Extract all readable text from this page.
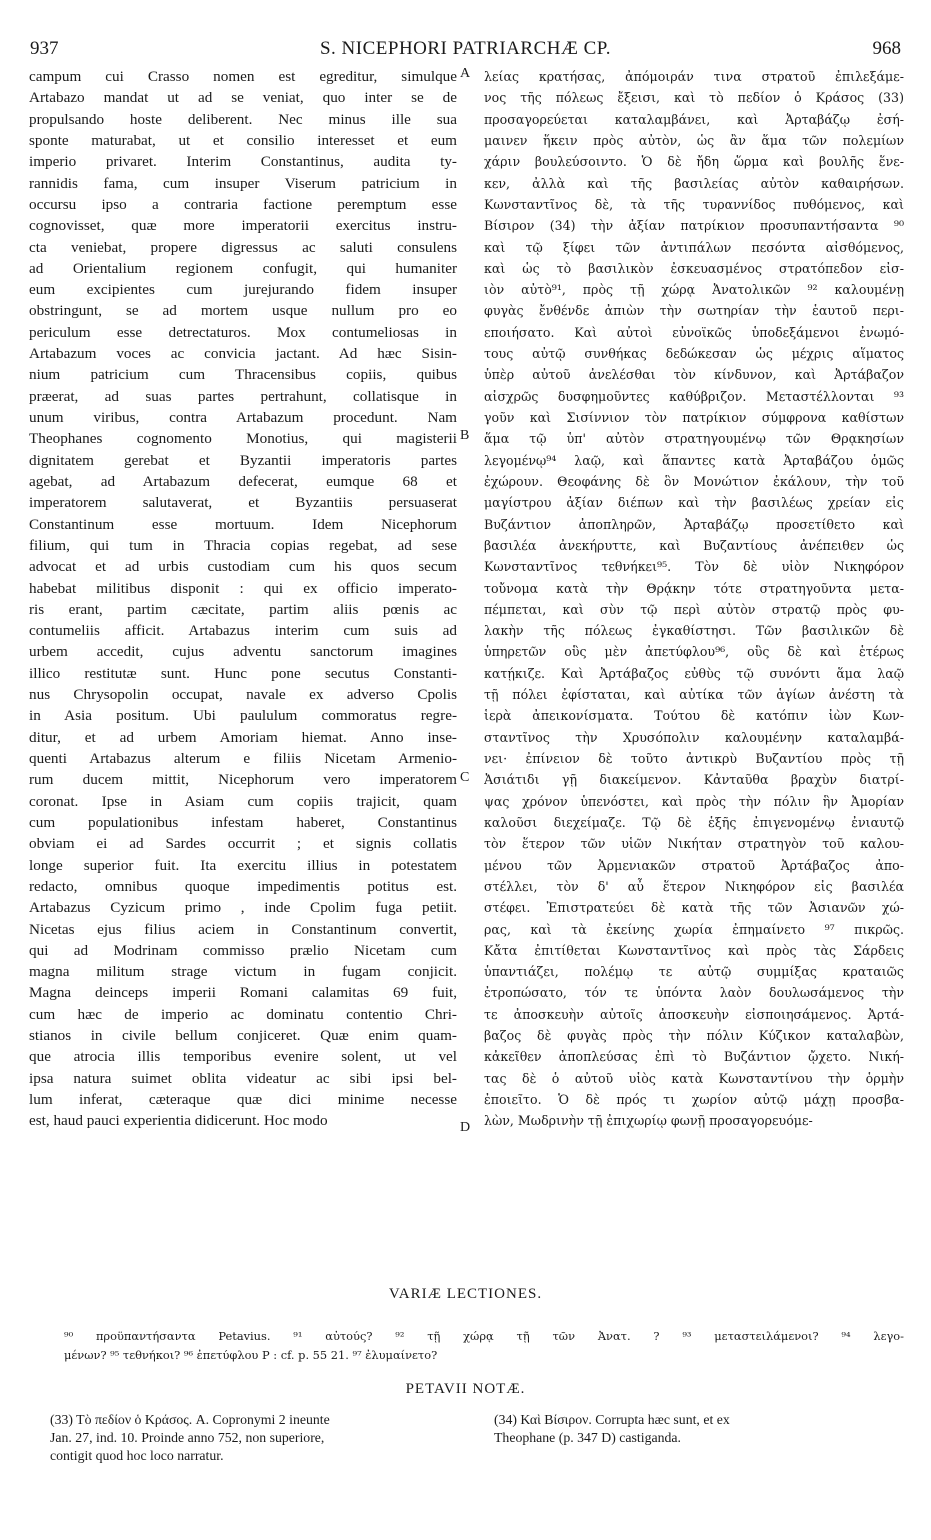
937	S. NICEPHORI PATRIARCHÆ CP.	968
campum cui Crasso nomen est egreditur, simulque
Artabazo mandat ut ad se veniat, quo inter se de
propulsando hoste deliberent. Nec minus ille sua
sponte maturabat, ut et consilio interesset et eum
imperio privaret. Interim Constantinus, audita ty-
rannidis fama, cum insuper Viserum patricium in
occursu ipso a contraria factione peremptum esse
cognovisset, quæ more imperatorii exercitus instru-
cta veniebat, propere digressus ac saluti consulens
ad Orientalium regionem confugit, qui humaniter
eum excipientes cum jurejurando fidem insuper
obstringunt, se ad mortem usque nullum pro eo
periculum esse detrectaturos. Mox contumeliosas in
Artabazum voces ac convicia jactant. Ad hæc Sisin-
nium patricium cum Thracensibus copiis, quibus
præerat, ad suas partes pertrahunt, collatisque in
unum viribus, contra Artabazum procedunt. Nam
Theophanes cognomento Monotius, qui magisterii
dignitatem gerebat et Byzantii imperatoris partes
agebat, ad Artabazum defecerat, eumque 68 et
imperatorem salutaverat, et Byzantiis persuaserat
Constantinum esse mortuum. Idem Nicephorum
filium, qui tum in Thracia copias regebat, ad sese
advocat et ad urbis custodiam cum his quos secum
habebat militibus disponit : qui ex officio imperato-
ris erant, partim cæcitate, partim aliis pœnis ac
contumeliis afficit. Artabazus interim cum suis ad
urbem accedit, cujus adventu sanctorum imagines
illico restitutæ sunt. Hunc pone secutus Constanti-
nus Chrysopolin occupat, navale ex adverso Cpolis
in Asia positum. Ubi paululum commoratus regre-
ditur, et ad urbem Amoriam hiemat. Anno inse-
quenti Artabazus alterum e filiis Nicetam Armenio-
rum ducem mittit, Nicephorum vero imperatorem
coronat. Ipse in Asiam cum copiis trajicit, quam
cum populationibus infestam haberet, Constantinus
obviam ei ad Sardes occurrit ; et signis collatis
longe superior fuit. Ita exercitu illius in potestatem
redacto, omnibus quoque impedimentis potitus est.
Artabazus Cyzicum primo , inde Cpolim fuga petiit.
Nicetas ejus filius aciem in Constantinum convertit,
qui ad Modrinam commisso prælio Nicetam cum
magna militum strage victum in fugam conjicit.
Magna deinceps imperii Romani calamitas 69 fuit,
cum hæc de imperio ac dominatu contentio Chri-
stianos in civile bellum conjiceret. Quæ enim quam-
que atrocia illis temporibus evenire solent, ut vel
ipsa natura suimet oblita videatur ac sibi ipsi bel-
lum inferat, cæteraque quæ dici minime necesse
est, haud pauci experientia didicerunt. Hoc modo
λείας κρατήσας, ἀπόμοιράν τινα στρατοῦ ἐπιλεξάμε-
νος τῆς πόλεως ἔξεισι, καὶ τὸ πεδίον ὁ Κράσος (33)
προσαγορεύεται καταλαμβάνει, καὶ Ἀρταβάζῳ ἐσή-
μαινεν ἥκειν πρὸς αὐτὸν, ὡς ἂν ἅμα τῶν πολεμίων
χάριν βουλεύσοιντο. Ὁ δὲ ἤδη ὥρμα καὶ βουλῆς ἕνε-
κεν, ἀλλὰ καὶ τῆς βασιλείας αὐτὸν καθαιρήσων.
Κωνσταντῖνος δὲ, τὰ τῆς τυραννίδος πυθόμενος, καὶ
Βίσιρον (34) τὴν ἀξίαν πατρίκιον προσυπαντήσαντα ⁹⁰
καὶ τῷ ξίφει τῶν ἀντιπάλων πεσόντα αἰσθόμενος,
καὶ ὡς τὸ βασιλικὸν ἐσκευασμένος στρατόπεδον εἰσ-
ιὸν αὐτὸ⁹¹, πρὸς τῇ χώρᾳ Ἀνατολικῶν ⁹² καλουμένῃ
φυγὰς ἔνθένδε ἀπιὼν τὴν σωτηρίαν τὴν ἑαυτοῦ περι-
εποιήσατο. Καὶ αὐτοὶ εὐνοϊκῶς ὑποδεξάμενοι ἐνωμό-
τους αὐτῷ συνθήκας δεδώκεσαν ὡς μέχρις αἵματος
ὑπὲρ αὐτοῦ ἀνελέσθαι τὸν κίνδυνον, καὶ Ἀρτάβαζον
αἰσχρῶς δυσφημοῦντες καθύβριζον. Μεταστέλλονται ⁹³
γοῦν καὶ Σισίννιον τὸν πατρίκιον σύμφρονα καθίστων
ἅμα τῷ ὑπ' αὐτὸν στρατηγουμένῳ τῶν Θρᾳκησίων
λεγομένῳ⁹⁴ λαῷ, καὶ ἅπαντες κατὰ Ἀρταβάζου ὁμῶς
ἐχώρουν. Θεοφάνης δὲ ὃν Μονώτιον ἐκάλουν, τὴν τοῦ
μαγίστρου ἀξίαν διέπων καὶ τὴν βασιλέως χρείαν εἰς
Βυζάντιον ἀποπληρῶν, Ἀρταβάζῳ προσετίθετο καὶ
βασιλέα ἀνεκήρυττε, καὶ Βυζαντίους ἀνέπειθεν ὡς
Κωνσταντῖνος τεθνήκει⁹⁵. Τὸν δὲ υἱὸν Νικηφόρον
τοὔνομα κατὰ τὴν Θρᾴκην τότε στρατηγοῦντα μετα-
πέμπεται, καὶ σὺν τῷ περὶ αὐτὸν στρατῷ πρὸς φυ-
λακὴν τῆς πόλεως ἐγκαθίστησι. Τῶν βασιλικῶν δὲ
ὑπηρετῶν οὓς μὲν ἀπετύφλου⁹⁶, οὓς δὲ καὶ ἑτέρως
κατῄκιζε. Καὶ Ἀρτάβαζος εὐθὺς τῷ συνόντι ἅμα λαῷ
τῇ πόλει ἐφίσταται, καὶ αὐτίκα τῶν ἁγίων ἀνέστη τὰ
ἱερὰ ἀπεικονίσματα. Τούτου δὲ κατόπιν ἰὼν Κων-
σταντῖνος τὴν Χρυσόπολιν καλουμένην καταλαμβά-
νει· ἐπίνειον δὲ τοῦτο ἀντικρὺ Βυζαντίου πρὸς τῇ
Ἀσιάτιδι γῇ διακείμενον. Κἀνταῦθα βραχὺν διατρί-
ψας χρόνον ὑπενόστει, καὶ πρὸς τὴν πόλιν ἣν Ἀμορίαν
καλοῦσι διεχείμαζε. Τῷ δὲ ἑξῆς ἐπιγενομένῳ ἐνιαυτῷ
τὸν ἕτερον τῶν υἱῶν Νικήταν στρατηγὸν τοῦ καλου-
μένου τῶν Ἀρμενιακῶν στρατοῦ Ἀρτάβαζος ἀπο-
στέλλει, τὸν δ' αὖ ἕτερον Νικηφόρον εἰς βασιλέα
στέφει. Ἐπιστρατεύει δὲ κατὰ τῆς τῶν Ἀσιανῶν χώ-
ρας, καὶ τὰ ἐκείνης χωρία ἐπημαίνετο ⁹⁷ πικρῶς.
Κἄτα ἐπιτίθεται Κωνσταντῖνος καὶ πρὸς τὰς Σάρδεις
ὑπαντιάζει, πολέμῳ τε αὐτῷ συμμίξας κραταιῶς
ἐτροπώσατο, τόν τε ὑπόντα λαὸν δουλωσάμενος τὴν
τε ἀποσκευὴν αὐτοῖς ἀποσκευὴν εἰσποιησάμενος. Ἀρτά-
βαζος δὲ φυγὰς πρὸς τὴν πόλιν Κύζικον καταλαβὼν,
κἀκεῖθεν ἀποπλεύσας ἐπὶ τὸ Βυζάντιον ᾤχετο. Νική-
τας δὲ ὁ αὐτοῦ υἱὸς κατὰ Κωνσταντίνου τὴν ὁρμὴν
ἐποιεῖτο. Ὁ δὲ πρός τι χωρίον αὐτῷ μάχῃ προσβα-
λὼν, Μωδρινὴν τῇ ἐπιχωρίῳ φωνῇ προσαγορευόμε-
A
B
C
D
VARIÆ LECTIONES.
⁹⁰ προϋπαντήσαντα Petavius. ⁹¹ αὐτούς? ⁹² τῇ χώρᾳ τῇ τῶν Ἀνατ. ? ⁹³ μεταστειλάμενοι? ⁹⁴ λεγο-
μένων? ⁹⁵ τεθνήκοι? ⁹⁶ ἐπετύφλου P : cf. p. 55 21. ⁹⁷ ἐλυμαίνετο?
PETAVII NOTÆ.
(33) Τὸ πεδίον ὁ Κράσος. A. Copronymi 2 ineunte
Jan. 27, ind. 10. Proinde anno 752, non superiore,
contigit quod hoc loco narratur.
(34) Καὶ Βίσιρον. Corrupta hæc sunt, et ex
Theophane (p. 347 D) castiganda.
